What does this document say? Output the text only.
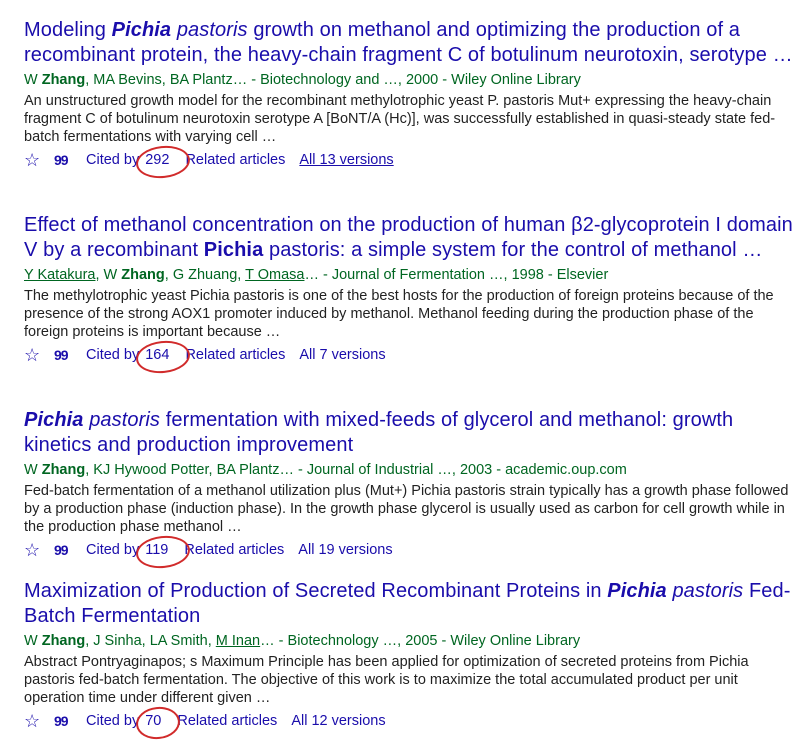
Modeling Pichia pastoris growth on methanol and optimizing the production of a recombinant protein, the heavy-chain fragment C of botulinum neurotoxin, serotype …
W Zhang, MA Bevins, BA Plantz… - Biotechnology and …, 2000 - Wiley Online Library
An unstructured growth model for the recombinant methylotrophic yeast P. pastoris Mut+ expressing the heavy-chain fragment C of botulinum neurotoxin serotype A [BoNT/A (Hc)], was successfully established in quasi-steady state fed-batch fermentations with varying cell …
☆ 99	Cited by
292 Related articles All 13 versions
Effect of methanol concentration on the production of human β2-glycoprotein I domain V by a recombinant Pichia pastoris: a simple system for the control of methanol …
Y Katakura, W Zhang, G Zhuang, T Omasa… - Journal of Fermentation …, 1998 - Elsevier
The methylotrophic yeast Pichia pastoris is one of the best hosts for the production of foreign proteins because of the presence of the strong AOX1 promoter induced by methanol. Methanol feeding during the production phase of the foreign proteins is important because …
☆ 99	Cited by
164 Related articles All 7 versions
Pichia pastoris fermentation with mixed-feeds of glycerol and methanol: growth kinetics and production improvement
W Zhang, KJ Hywood Potter, BA Plantz… - Journal of Industrial …, 2003 - academic.oup.com
Fed-batch fermentation of a methanol utilization plus (Mut+) Pichia pastoris strain typically has a growth phase followed by a production phase (induction phase). In the growth phase glycerol is usually used as carbon for cell growth while in the production phase methanol …
☆ 99	Cited by
119 Related articles All 19 versions
Maximization of Production of Secreted Recombinant Proteins in Pichia pastoris Fed-Batch Fermentation
W Zhang, J Sinha, LA Smith, M Inan… - Biotechnology …, 2005 - Wiley Online Library
Abstract Pontryaginapos; s Maximum Principle has been applied for optimization of secreted proteins from Pichia pastoris fed-batch fermentation. The objective of this work is to maximize the total accumulated product per unit operation time under different given …
☆ 99	Cited by
70 Related articles All 12 versions
